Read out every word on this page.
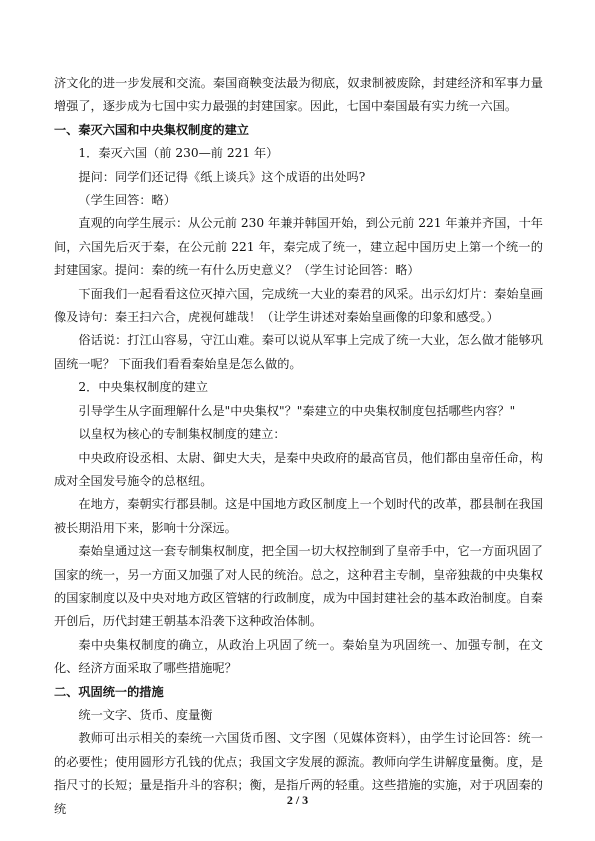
济文化的进一步发展和交流。秦国商鞅变法最为彻底，奴隶制被废除，封建经济和军事力量增强了，逐步成为七国中实力最强的封建国家。因此，七国中秦国最有实力统一六国。

一、秦灭六国和中央集权制度的建立

1．秦灭六国（前 230—前 221 年）

提问：同学们还记得《纸上谈兵》这个成语的出处吗?

（学生回答：略）

直观的向学生展示：从公元前 230 年兼并韩国开始，到公元前 221 年兼并齐国，十年间，六国先后灭于秦，在公元前 221 年，秦完成了统一，建立起中国历史上第一个统一的封建国家。提问：秦的统一有什么历史意义？（学生讨论回答：略）

下面我们一起看看这位灭掉六国，完成统一大业的秦君的风采。出示幻灯片：秦始皇画像及诗句：秦王扫六合，虎视何雄哉！（让学生讲述对秦始皇画像的印象和感受。）

俗话说：打江山容易，守江山难。秦可以说从军事上完成了统一大业，怎么做才能够巩固统一呢？ 下面我们看看秦始皇是怎么做的。

2．中央集权制度的建立

引导学生从字面理解什么是"中央集权"？"秦建立的中央集权制度包括哪些内容？"

以皇权为核心的专制集权制度的建立：

中央政府设丞相、太尉、御史大夫，是秦中央政府的最高官员，他们都由皇帝任命，构成对全国发号施令的总枢纽。

在地方，秦朝实行郡县制。这是中国地方政区制度上一个划时代的改革，郡县制在我国被长期沿用下来，影响十分深远。

秦始皇通过这一套专制集权制度，把全国一切大权控制到了皇帝手中，它一方面巩固了国家的统一，另一方面又加强了对人民的统治。总之，这种君主专制，皇帝独裁的中央集权的国家制度以及中央对地方政区管辖的行政制度，成为中国封建社会的基本政治制度。自秦开创后，历代封建王朝基本沿袭下这种政治体制。

秦中央集权制度的确立，从政治上巩固了统一。秦始皇为巩固统一、加强专制，在文化、经济方面采取了哪些措施呢？

二、巩固统一的措施

统一文字、货币、度量衡

教师可出示相关的秦统一六国货币图、文字图（见媒体资料），由学生讨论回答：统一的必要性；使用圆形方孔钱的优点；我国文字发展的源流。教师向学生讲解度量衡。度，是指尺寸的长短；量是指升斗的容积；衡，是指斤两的轻重。这些措施的实施，对于巩固秦的统

2 / 3
